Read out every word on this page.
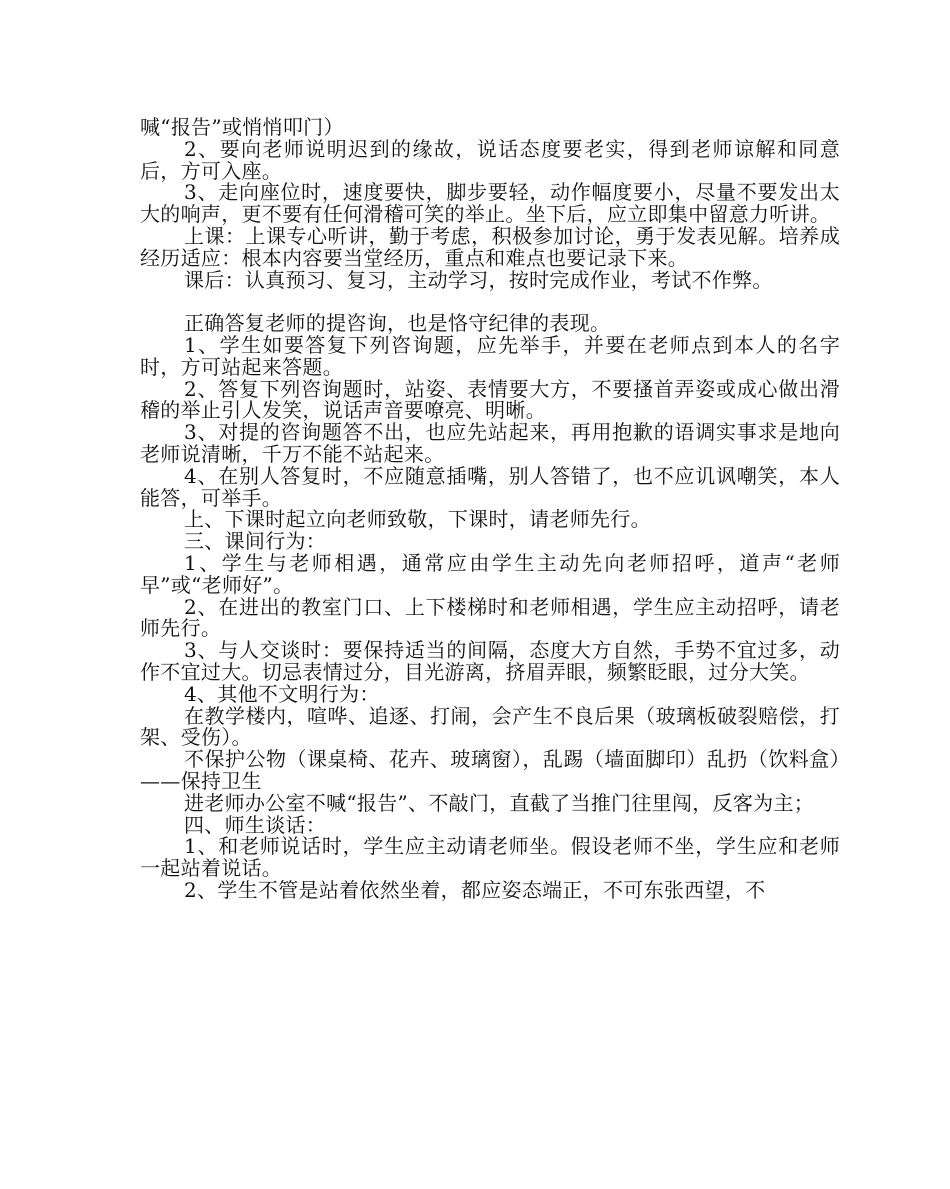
喊“报告”或悄悄叩门）

2、要向老师说明迟到的缘故，说话态度要老实，得到老师谅解和同意后，方可入座。

3、走向座位时，速度要快，脚步要轻，动作幅度要小，尽量不要发出太大的响声，更不要有任何滑稽可笑的举止。坐下后，应立即集中留意力听讲。

上课：上课专心听讲，勤于考虑，积极参加讨论，勇于发表见解。培养成经历适应：根本内容要当堂经历，重点和难点也要记录下来。

课后：认真预习、复习，主动学习，按时完成作业，考试不作弊。

正确答复老师的提咨询，也是恪守纪律的表现。

1、学生如要答复下列咨询题，应先举手，并要在老师点到本人的名字时，方可站起来答题。

2、答复下列咨询题时，站姿、表情要大方，不要搔首弄姿或成心做出滑稽的举止引人发笑，说话声音要嘹亮、明晰。

3、对提的咨询题答不出，也应先站起来，再用抱歉的语调实事求是地向老师说清晰，千万不能不站起来。

4、在别人答复时，不应随意插嘴，别人答错了，也不应讥讽嘲笑，本人能答，可举手。

上、下课时起立向老师致敬，下课时，请老师先行。

三、课间行为：

1、学生与老师相遇，通常应由学生主动先向老师招呼，道声“老师早”或“老师好”。

2、在进出的教室门口、上下楼梯时和老师相遇，学生应主动招呼，请老师先行。

3、与人交谈时：要保持适当的间隔，态度大方自然，手势不宜过多，动作不宜过大。切忌表情过分，目光游离，挤眉弄眼，频繁眨眼，过分大笑。

4、其他不文明行为：

在教学楼内，喧哗、追逐、打闹，会产生不良后果（玻璃板破裂赔偿，打架、受伤）。

不保护公物（课桌椅、花卉、玻璃窗），乱踢（墙面脚印）乱扔（饮料盒）——保持卫生

进老师办公室不喊“报告”、不敲门，直截了当推门往里闯，反客为主；

四、师生谈话：

1、和老师说话时，学生应主动请老师坐。假设老师不坐，学生应和老师一起站着说话。

2、学生不管是站着依然坐着，都应姿态端正，不可东张西望，不
